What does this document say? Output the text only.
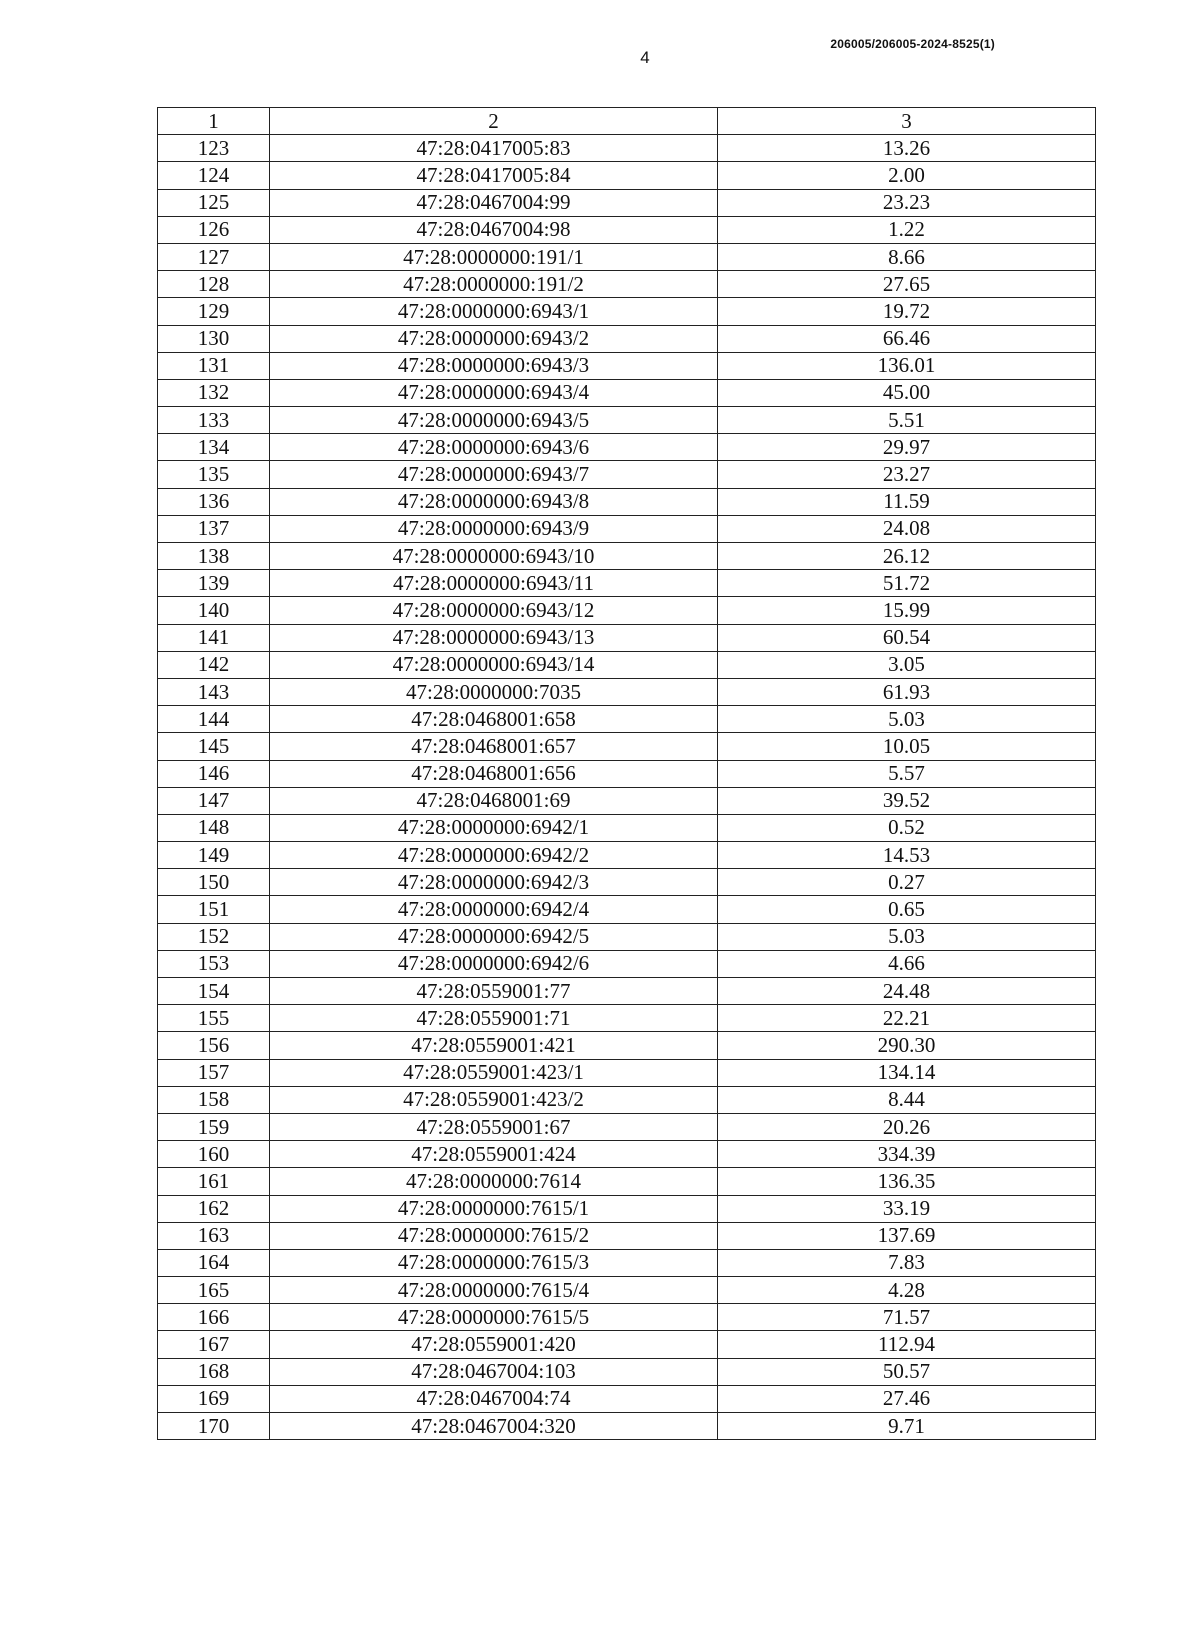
4
206005/206005-2024-8525(1)
1	2	3
123	47:28:0417005:83	13.26
124	47:28:0417005:84	2.00
125	47:28:0467004:99	23.23
126	47:28:0467004:98	1.22
127	47:28:0000000:191/1	8.66
128	47:28:0000000:191/2	27.65
129	47:28:0000000:6943/1	19.72
130	47:28:0000000:6943/2	66.46
131	47:28:0000000:6943/3	136.01
132	47:28:0000000:6943/4	45.00
133	47:28:0000000:6943/5	5.51
134	47:28:0000000:6943/6	29.97
135	47:28:0000000:6943/7	23.27
136	47:28:0000000:6943/8	11.59
137	47:28:0000000:6943/9	24.08
138	47:28:0000000:6943/10	26.12
139	47:28:0000000:6943/11	51.72
140	47:28:0000000:6943/12	15.99
141	47:28:0000000:6943/13	60.54
142	47:28:0000000:6943/14	3.05
143	47:28:0000000:7035	61.93
144	47:28:0468001:658	5.03
145	47:28:0468001:657	10.05
146	47:28:0468001:656	5.57
147	47:28:0468001:69	39.52
148	47:28:0000000:6942/1	0.52
149	47:28:0000000:6942/2	14.53
150	47:28:0000000:6942/3	0.27
151	47:28:0000000:6942/4	0.65
152	47:28:0000000:6942/5	5.03
153	47:28:0000000:6942/6	4.66
154	47:28:0559001:77	24.48
155	47:28:0559001:71	22.21
156	47:28:0559001:421	290.30
157	47:28:0559001:423/1	134.14
158	47:28:0559001:423/2	8.44
159	47:28:0559001:67	20.26
160	47:28:0559001:424	334.39
161	47:28:0000000:7614	136.35
162	47:28:0000000:7615/1	33.19
163	47:28:0000000:7615/2	137.69
164	47:28:0000000:7615/3	7.83
165	47:28:0000000:7615/4	4.28
166	47:28:0000000:7615/5	71.57
167	47:28:0559001:420	112.94
168	47:28:0467004:103	50.57
169	47:28:0467004:74	27.46
170	47:28:0467004:320	9.71
